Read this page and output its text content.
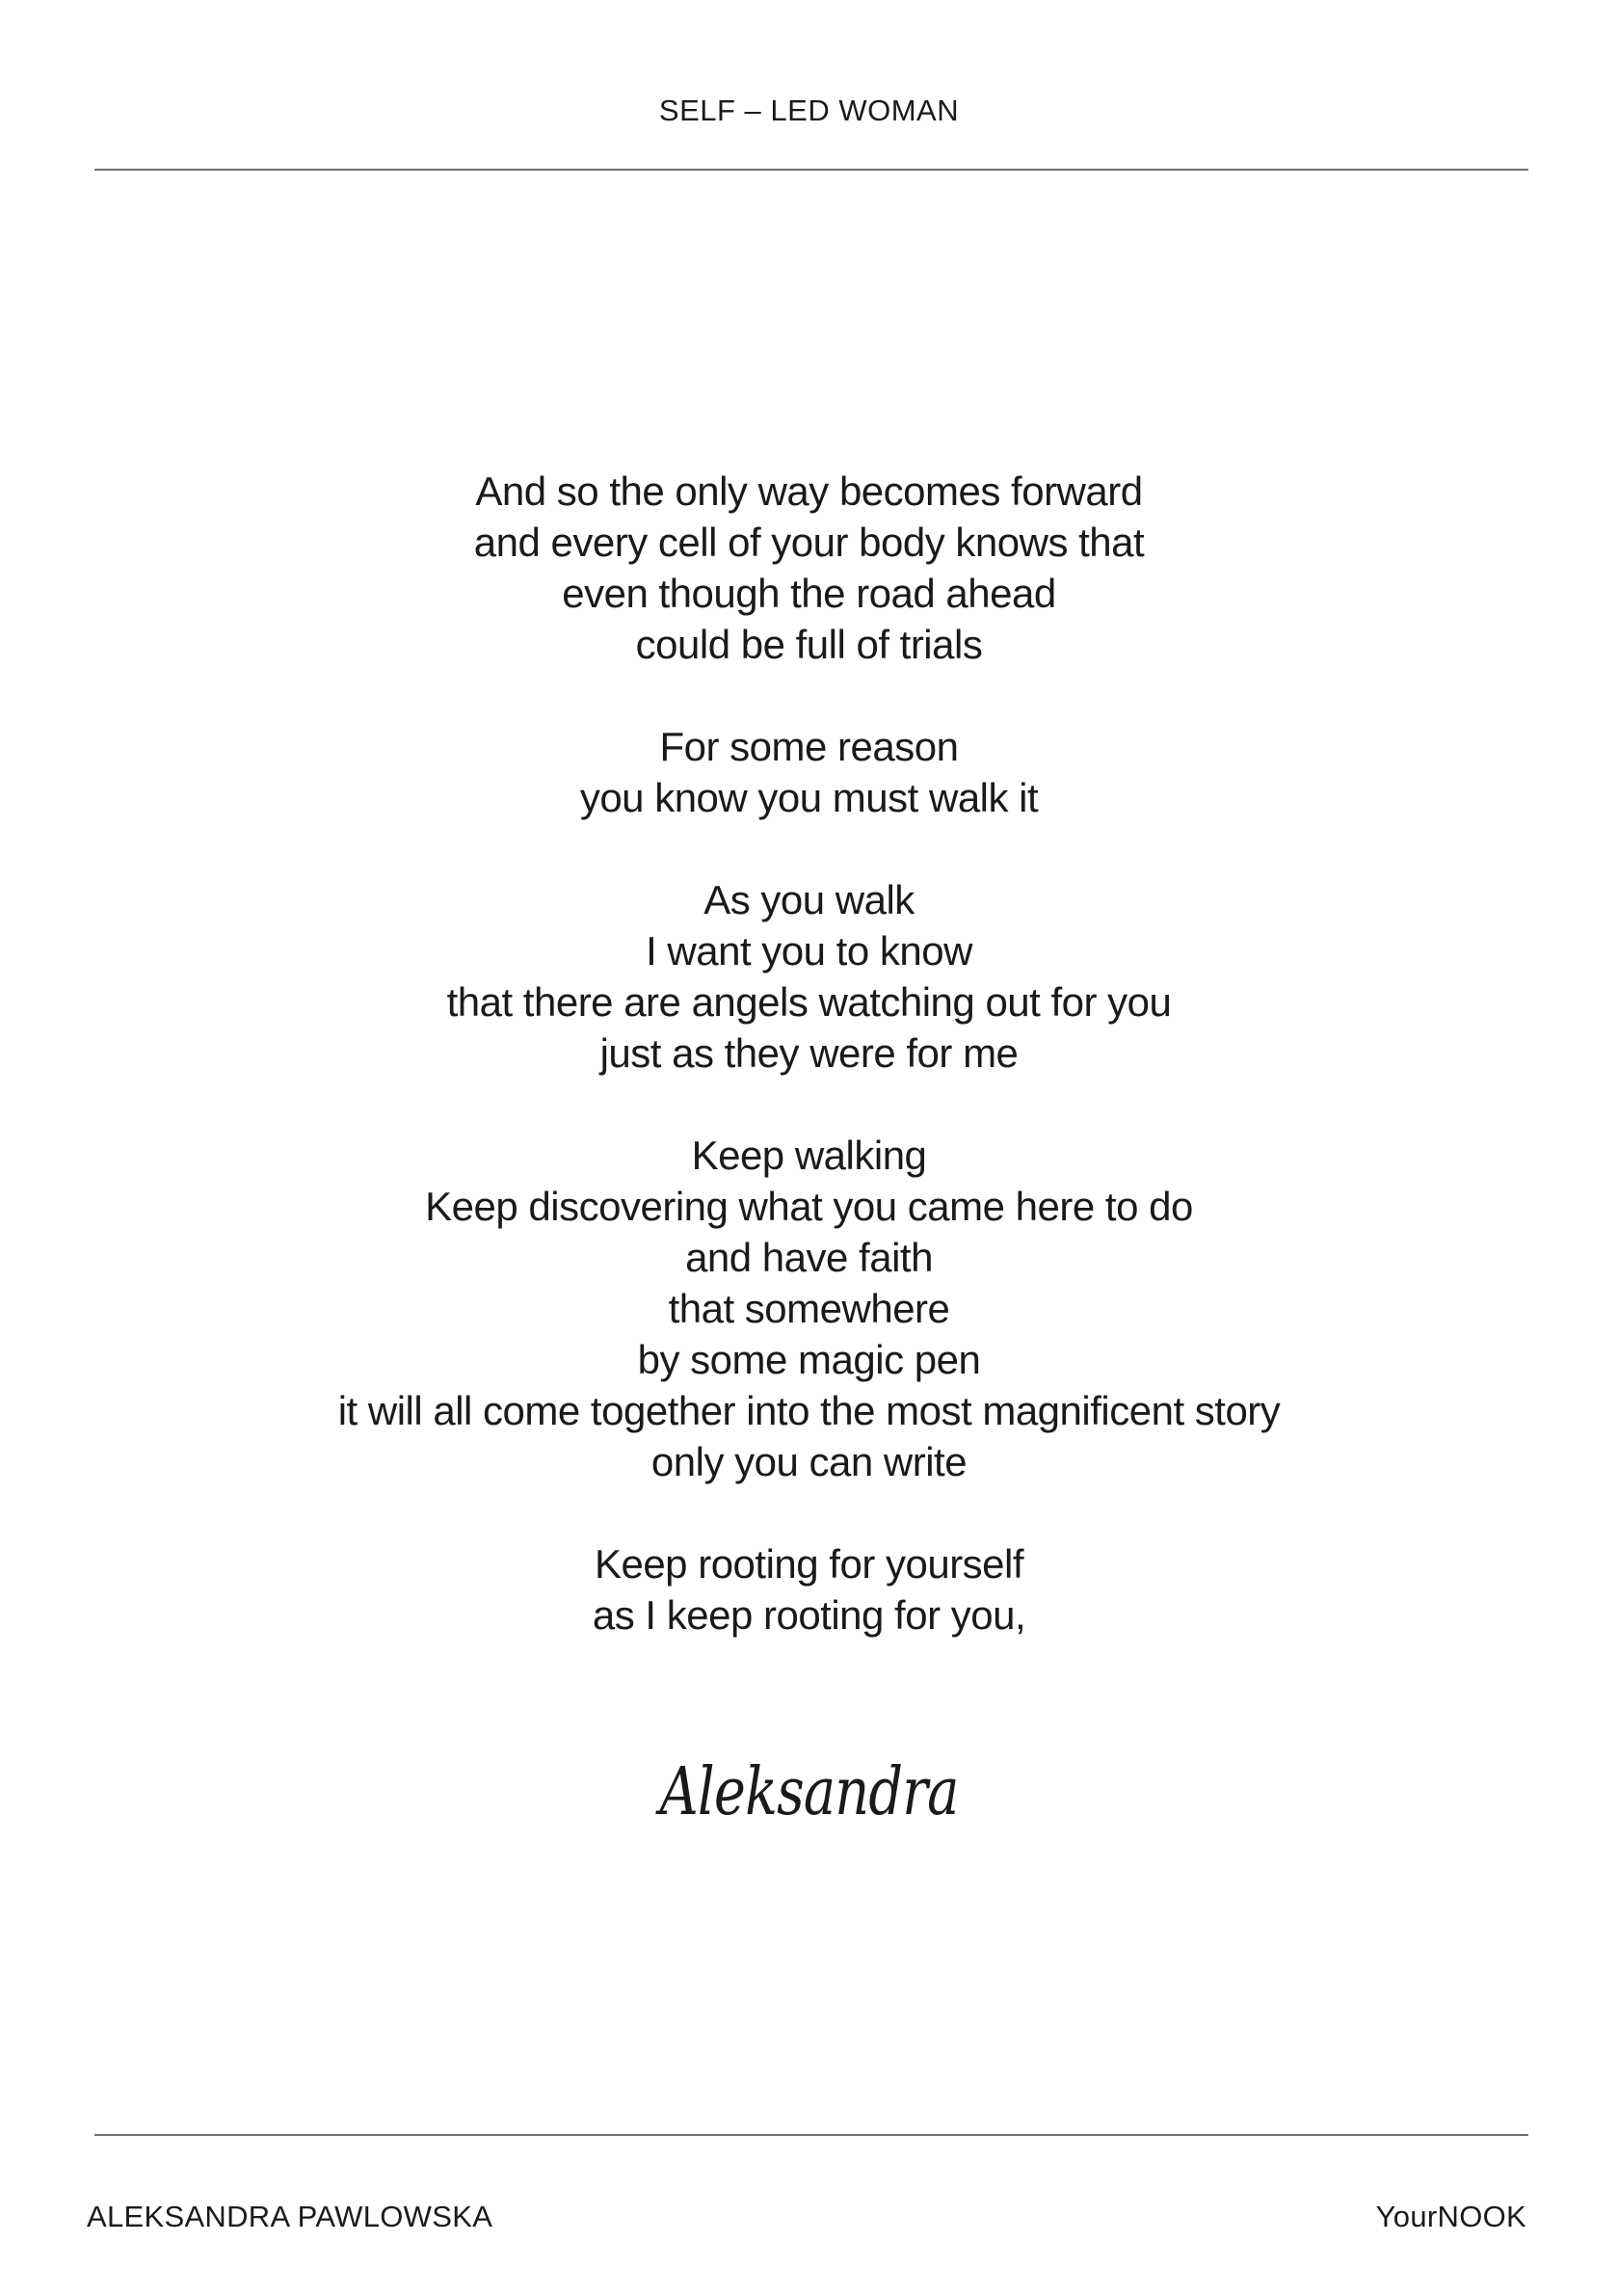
SELF – LED WOMAN
And so the only way becomes forward
and every cell of your body knows that
even though the road ahead
could be full of trials
For some reason
you know you must walk it
As you walk
I want you to know
that there are angels watching out for you
just as they were for me
Keep walking
Keep discovering what you came here to do
and have faith
that somewhere
by some magic pen
it will all come together into the most magnificent story
only you can write
Keep rooting for yourself
as I keep rooting for you,
Aleksandra
ALEKSANDRA PAWLOWSKA	YourNOOK
